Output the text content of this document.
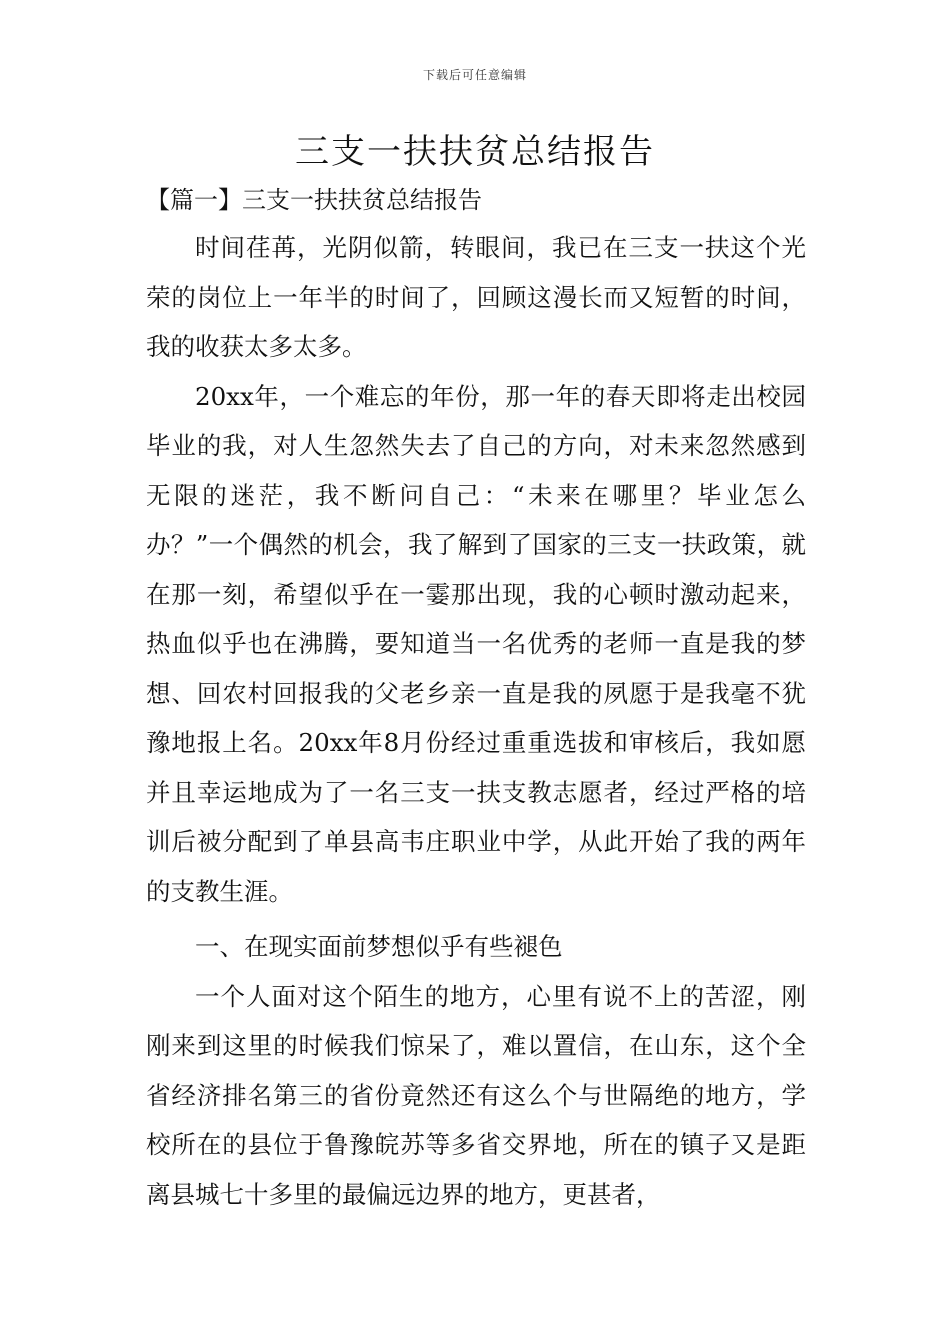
下载后可任意编辑
三支一扶扶贫总结报告
【篇一】三支一扶扶贫总结报告

时间荏苒，光阴似箭，转眼间，我已在三支一扶这个光荣的岗位上一年半的时间了，回顾这漫长而又短暂的时间，我的收获太多太多。

20xx年，一个难忘的年份，那一年的春天即将走出校园毕业的我，对人生忽然失去了自己的方向，对未来忽然感到无限的迷茫，我不断问自己：“未来在哪里？毕业怎么办？”一个偶然的机会，我了解到了国家的三支一扶政策，就在那一刻，希望似乎在一霎那出现，我的心顿时激动起来，热血似乎也在沸腾，要知道当一名优秀的老师一直是我的梦想、回农村回报我的父老乡亲一直是我的夙愿于是我毫不犹豫地报上名。20xx年8月份经过重重选拔和审核后，我如愿并且幸运地成为了一名三支一扶支教志愿者，经过严格的培训后被分配到了单县高韦庄职业中学，从此开始了我的两年的支教生涯。

一、在现实面前梦想似乎有些褪色

一个人面对这个陌生的地方，心里有说不上的苦涩，刚刚来到这里的时候我们惊呆了，难以置信，在山东，这个全省经济排名第三的省份竟然还有这么个与世隔绝的地方，学校所在的县位于鲁豫皖苏等多省交界地，所在的镇子又是距离县城七十多里的最偏远边界的地方，更甚者，
